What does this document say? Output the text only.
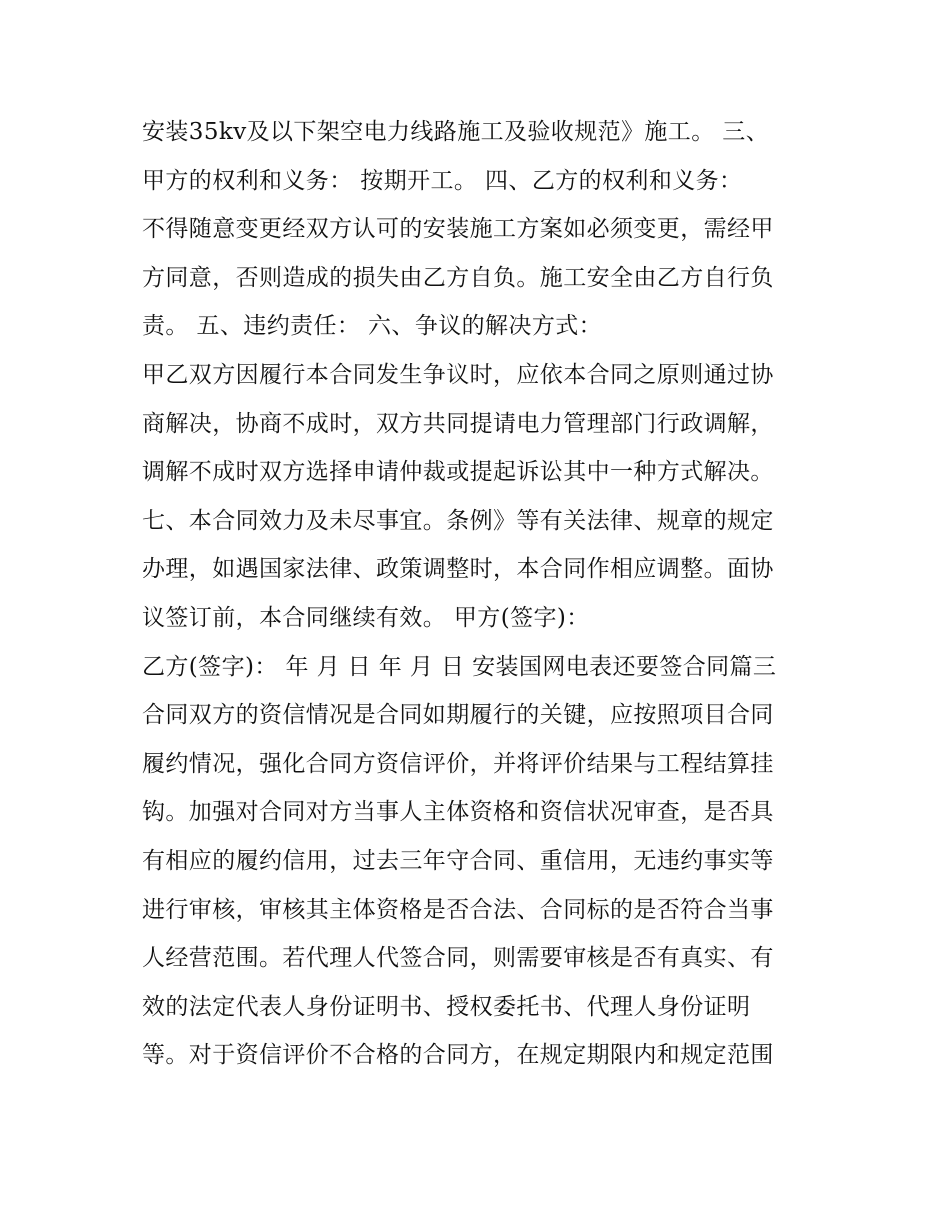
安装35kv及以下架空电力线路施工及验收规范》施工。 三、
甲方的权利和义务： 按期开工。 四、乙方的权利和义务：
不得随意变更经双方认可的安装施工方案如必须变更，需经甲
方同意，否则造成的损失由乙方自负。施工安全由乙方自行负
责。 五、违约责任： 六、争议的解决方式：
甲乙双方因履行本合同发生争议时，应依本合同之原则通过协
商解决，协商不成时，双方共同提请电力管理部门行政调解，
调解不成时双方选择申请仲裁或提起诉讼其中一种方式解决。
七、本合同效力及未尽事宜。条例》等有关法律、规章的规定
办理，如遇国家法律、政策调整时，本合同作相应调整。面协
议签订前，本合同继续有效。 甲方(签字)：
乙方(签字)： 年 月 日 年 月 日 安装国网电表还要签合同篇三
合同双方的资信情况是合同如期履行的关键，应按照项目合同
履约情况，强化合同方资信评价，并将评价结果与工程结算挂
钩。加强对合同对方当事人主体资格和资信状况审查，是否具
有相应的履约信用，过去三年守合同、重信用，无违约事实等
进行审核，审核其主体资格是否合法、合同标的是否符合当事
人经营范围。若代理人代签合同，则需要审核是否有真实、有
效的法定代表人身份证明书、授权委托书、代理人身份证明
等。对于资信评价不合格的合同方，在规定期限内和规定范围
